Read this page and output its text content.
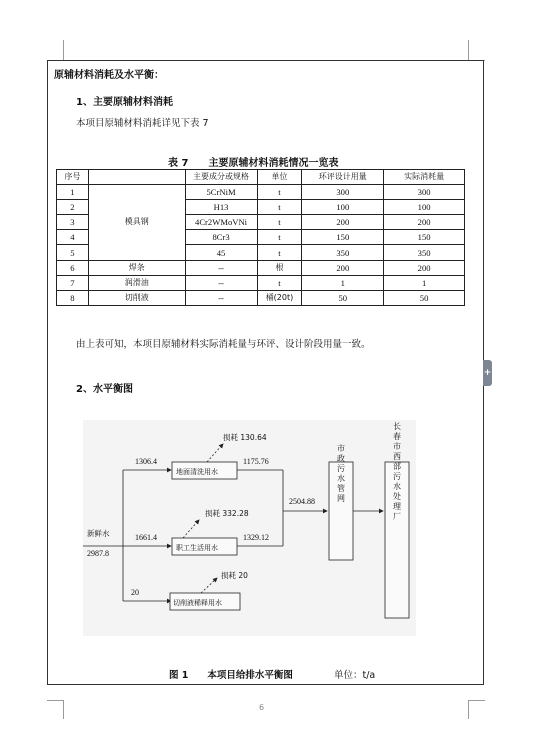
+
原辅材料消耗及水平衡：
1、主要原辅材料消耗
本项目原辅材料消耗详见下表 7
表 7　　主要原辅材料消耗情况一览表
序号		主要成分或规格	单位	环评设计用量	实际消耗量
1	模具钢	5CrNiM	t	300	300
2		H13	t	100	100
3		4Cr2WMoVNi	t	200	200
4		8Cr3	t	150	150
5		45	t	350	350
6	焊条	--	根	200	200
7	润滑油	--	t	1	1
8	切削液	--	桶(20t)	50	50
由上表可知，本项目原辅材料实际消耗量与环评、设计阶段用量一致。
2、水平衡图
新鲜水
2987.8
1306.4
1661.4
20
损耗 130.64
损耗 332.28
损耗 20
地面清洗用水
职工生活用水
切削液稀释用水
1175.76
1329.12
2504.88	市政污水管网	长春市西部污水处理厂
图 1　　本项目给排水平衡图	单位：t/a
6
